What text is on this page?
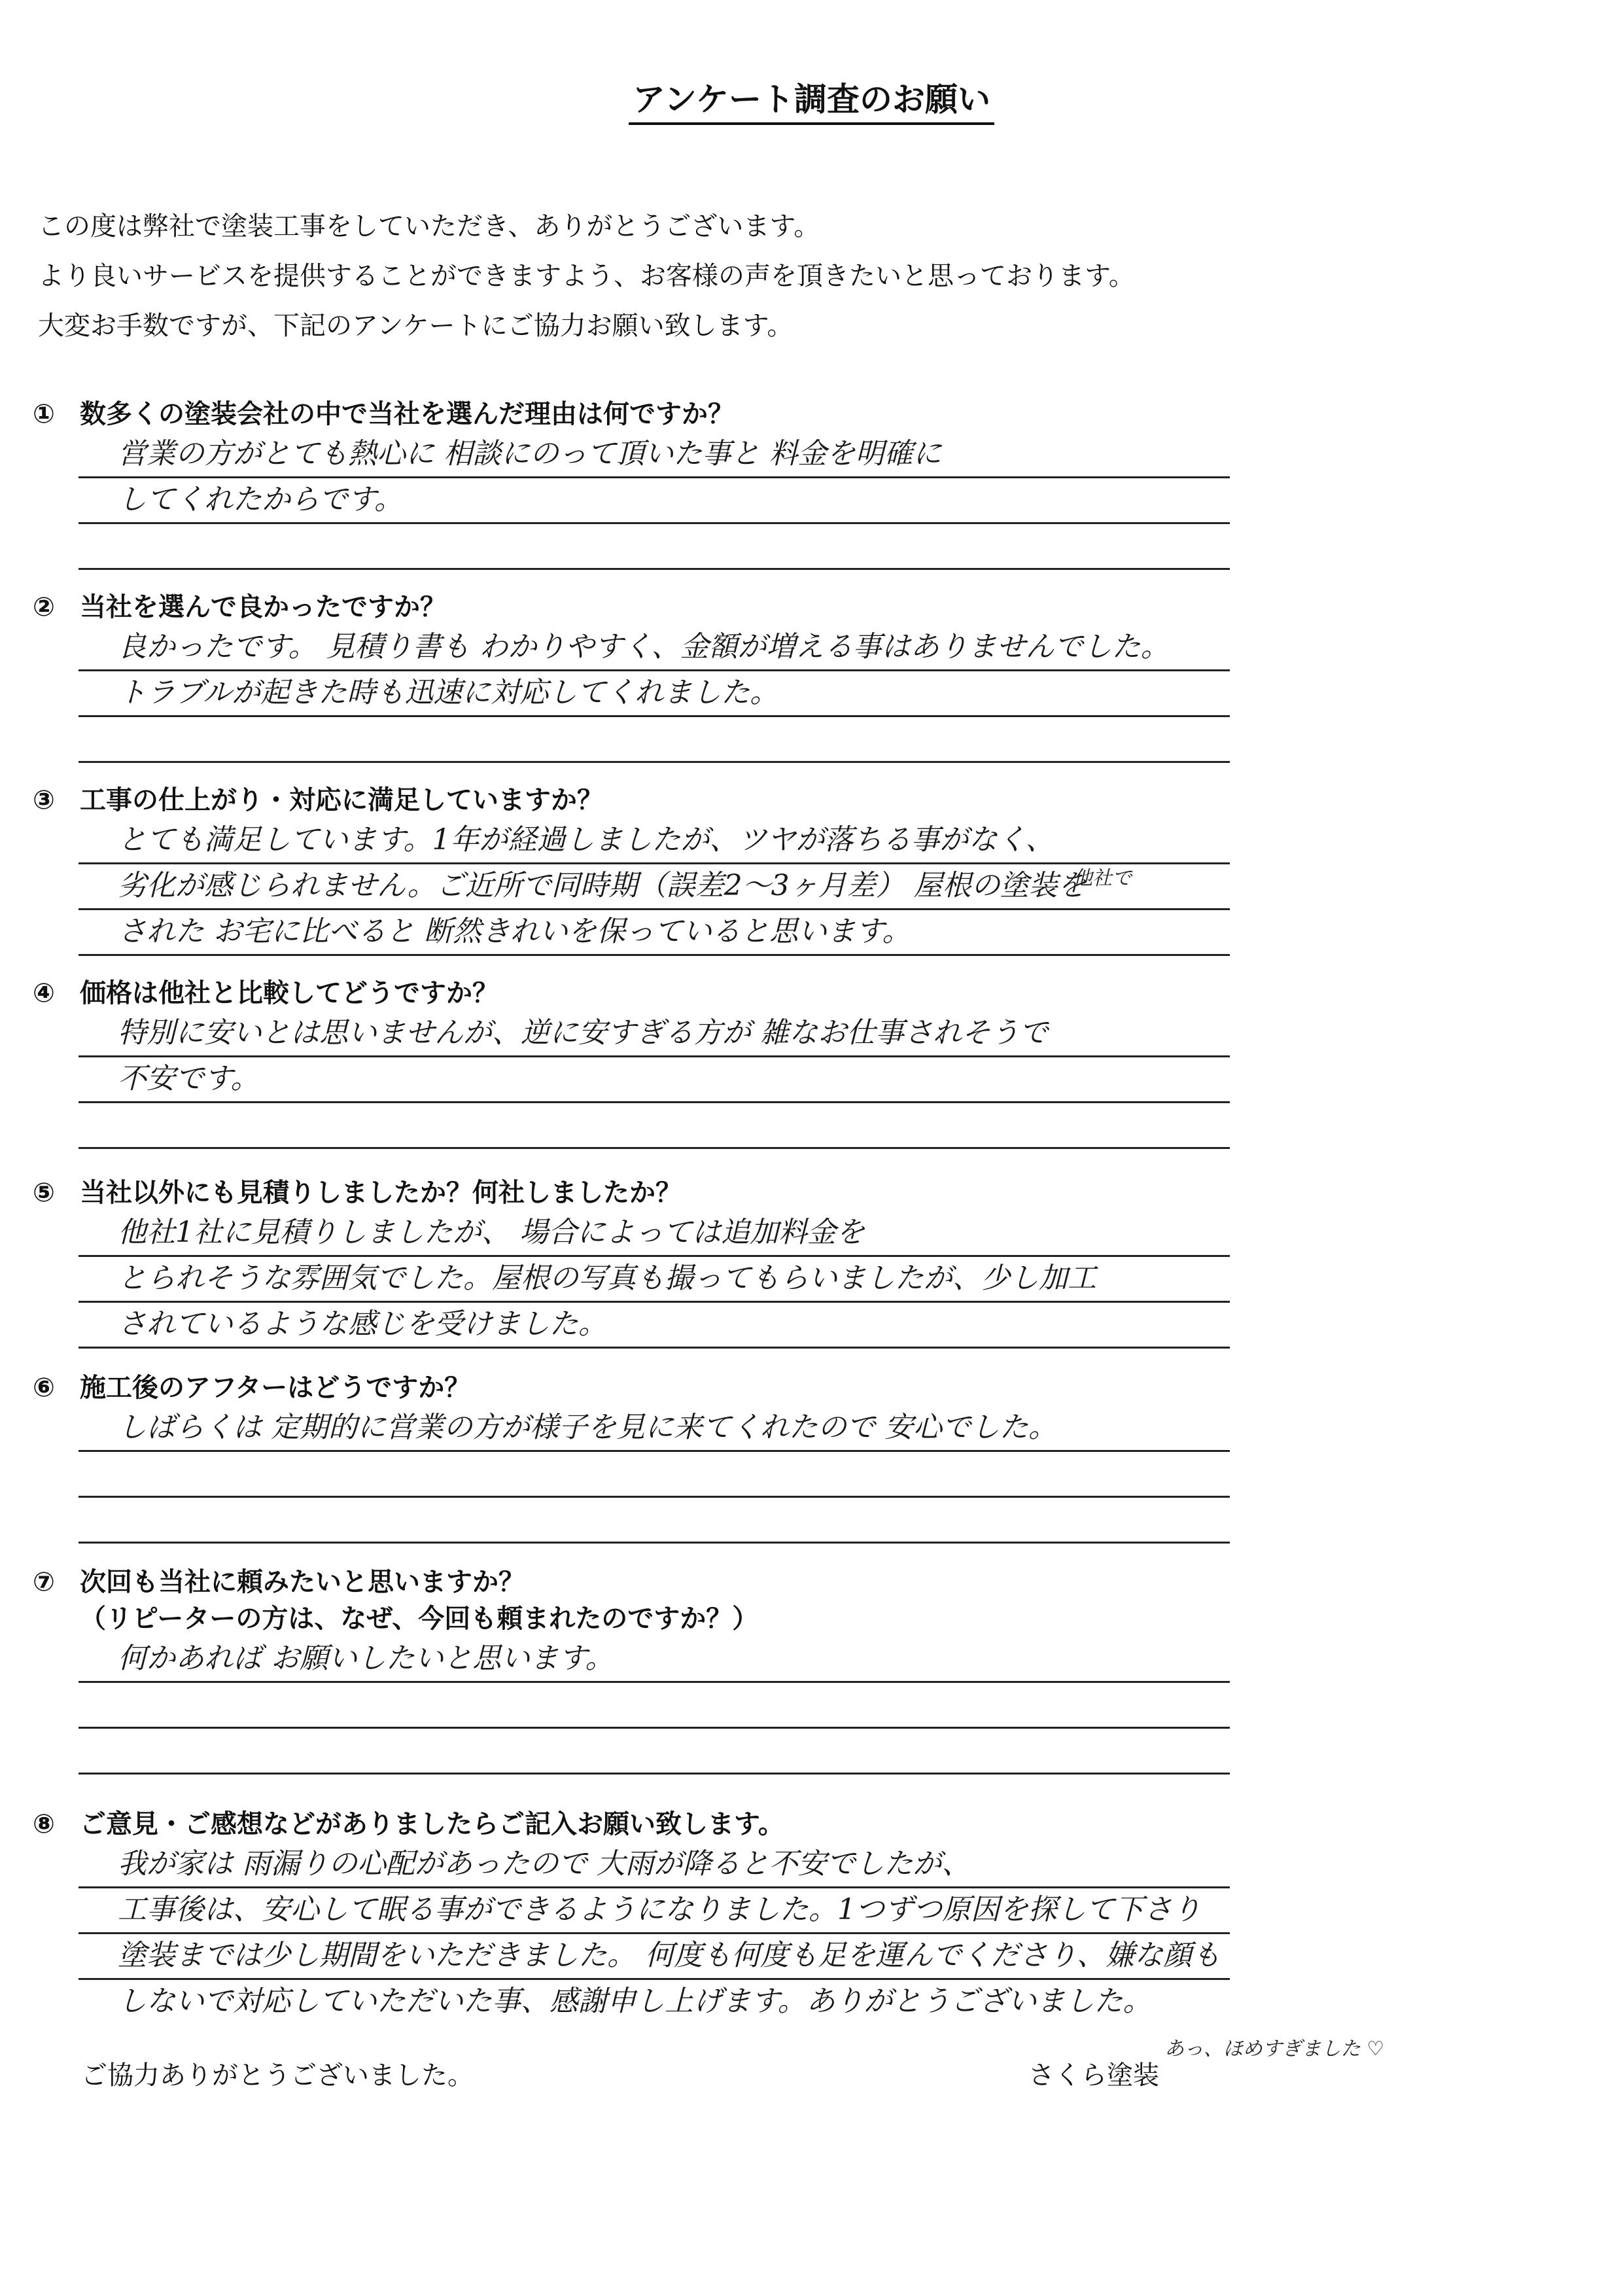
アンケート調査のお願い
この度は弊社で塗装工事をしていただき、ありがとうございます。
より良いサービスを提供することができますよう、お客様の声を頂きたいと思っております。
大変お手数ですが、下記のアンケートにご協力お願い致します。
① 数多くの塗装会社の中で当社を選んだ理由は何ですか？
営業の方がとても熱心に 相談にのって頂いた事と 料金を明確に
してくれたからです。
② 当社を選んで良かったですか？
良かったです。 見積り書も わかりやすく、金額が増える事はありませんでした。
トラブルが起きた時も迅速に対応してくれました。
③ 工事の仕上がり・対応に満足していますか？
とても満足しています。1年が経過しましたが、ツヤが落ちる事がなく、
劣化が感じられません。ご近所で同時期（誤差2～3ヶ月差） 屋根の塗装を
された お宅に比べると 断然きれいを保っていると思います。
他社で
④ 価格は他社と比較してどうですか？
特別に安いとは思いませんが、逆に安すぎる方が 雑なお仕事されそうで
不安です。
⑤ 当社以外にも見積りしましたか？何社しましたか？
他社1社に見積りしましたが、 場合によっては追加料金を
とられそうな雰囲気でした。屋根の写真も撮ってもらいましたが、少し加工
されているような感じを受けました。
⑥ 施工後のアフターはどうですか？
しばらくは 定期的に営業の方が様子を見に来てくれたので 安心でした。
⑦ 次回も当社に頼みたいと思いますか？
（リピーターの方は、なぜ、今回も頼まれたのですか？）
何かあれば お願いしたいと思います。
⑧ ご意見・ご感想などがありましたらご記入お願い致します。
我が家は 雨漏りの心配があったので 大雨が降ると不安でしたが、
工事後は、安心して眠る事ができるようになりました。1つずつ原因を探して下さり
塗装までは少し期間をいただきました。 何度も何度も足を運んでくださり、嫌な顔も
しないで対応していただいた事、感謝申し上げます。ありがとうございました。
あっ、ほめすぎました ♡
ご協力ありがとうございました。	さくら塗装
